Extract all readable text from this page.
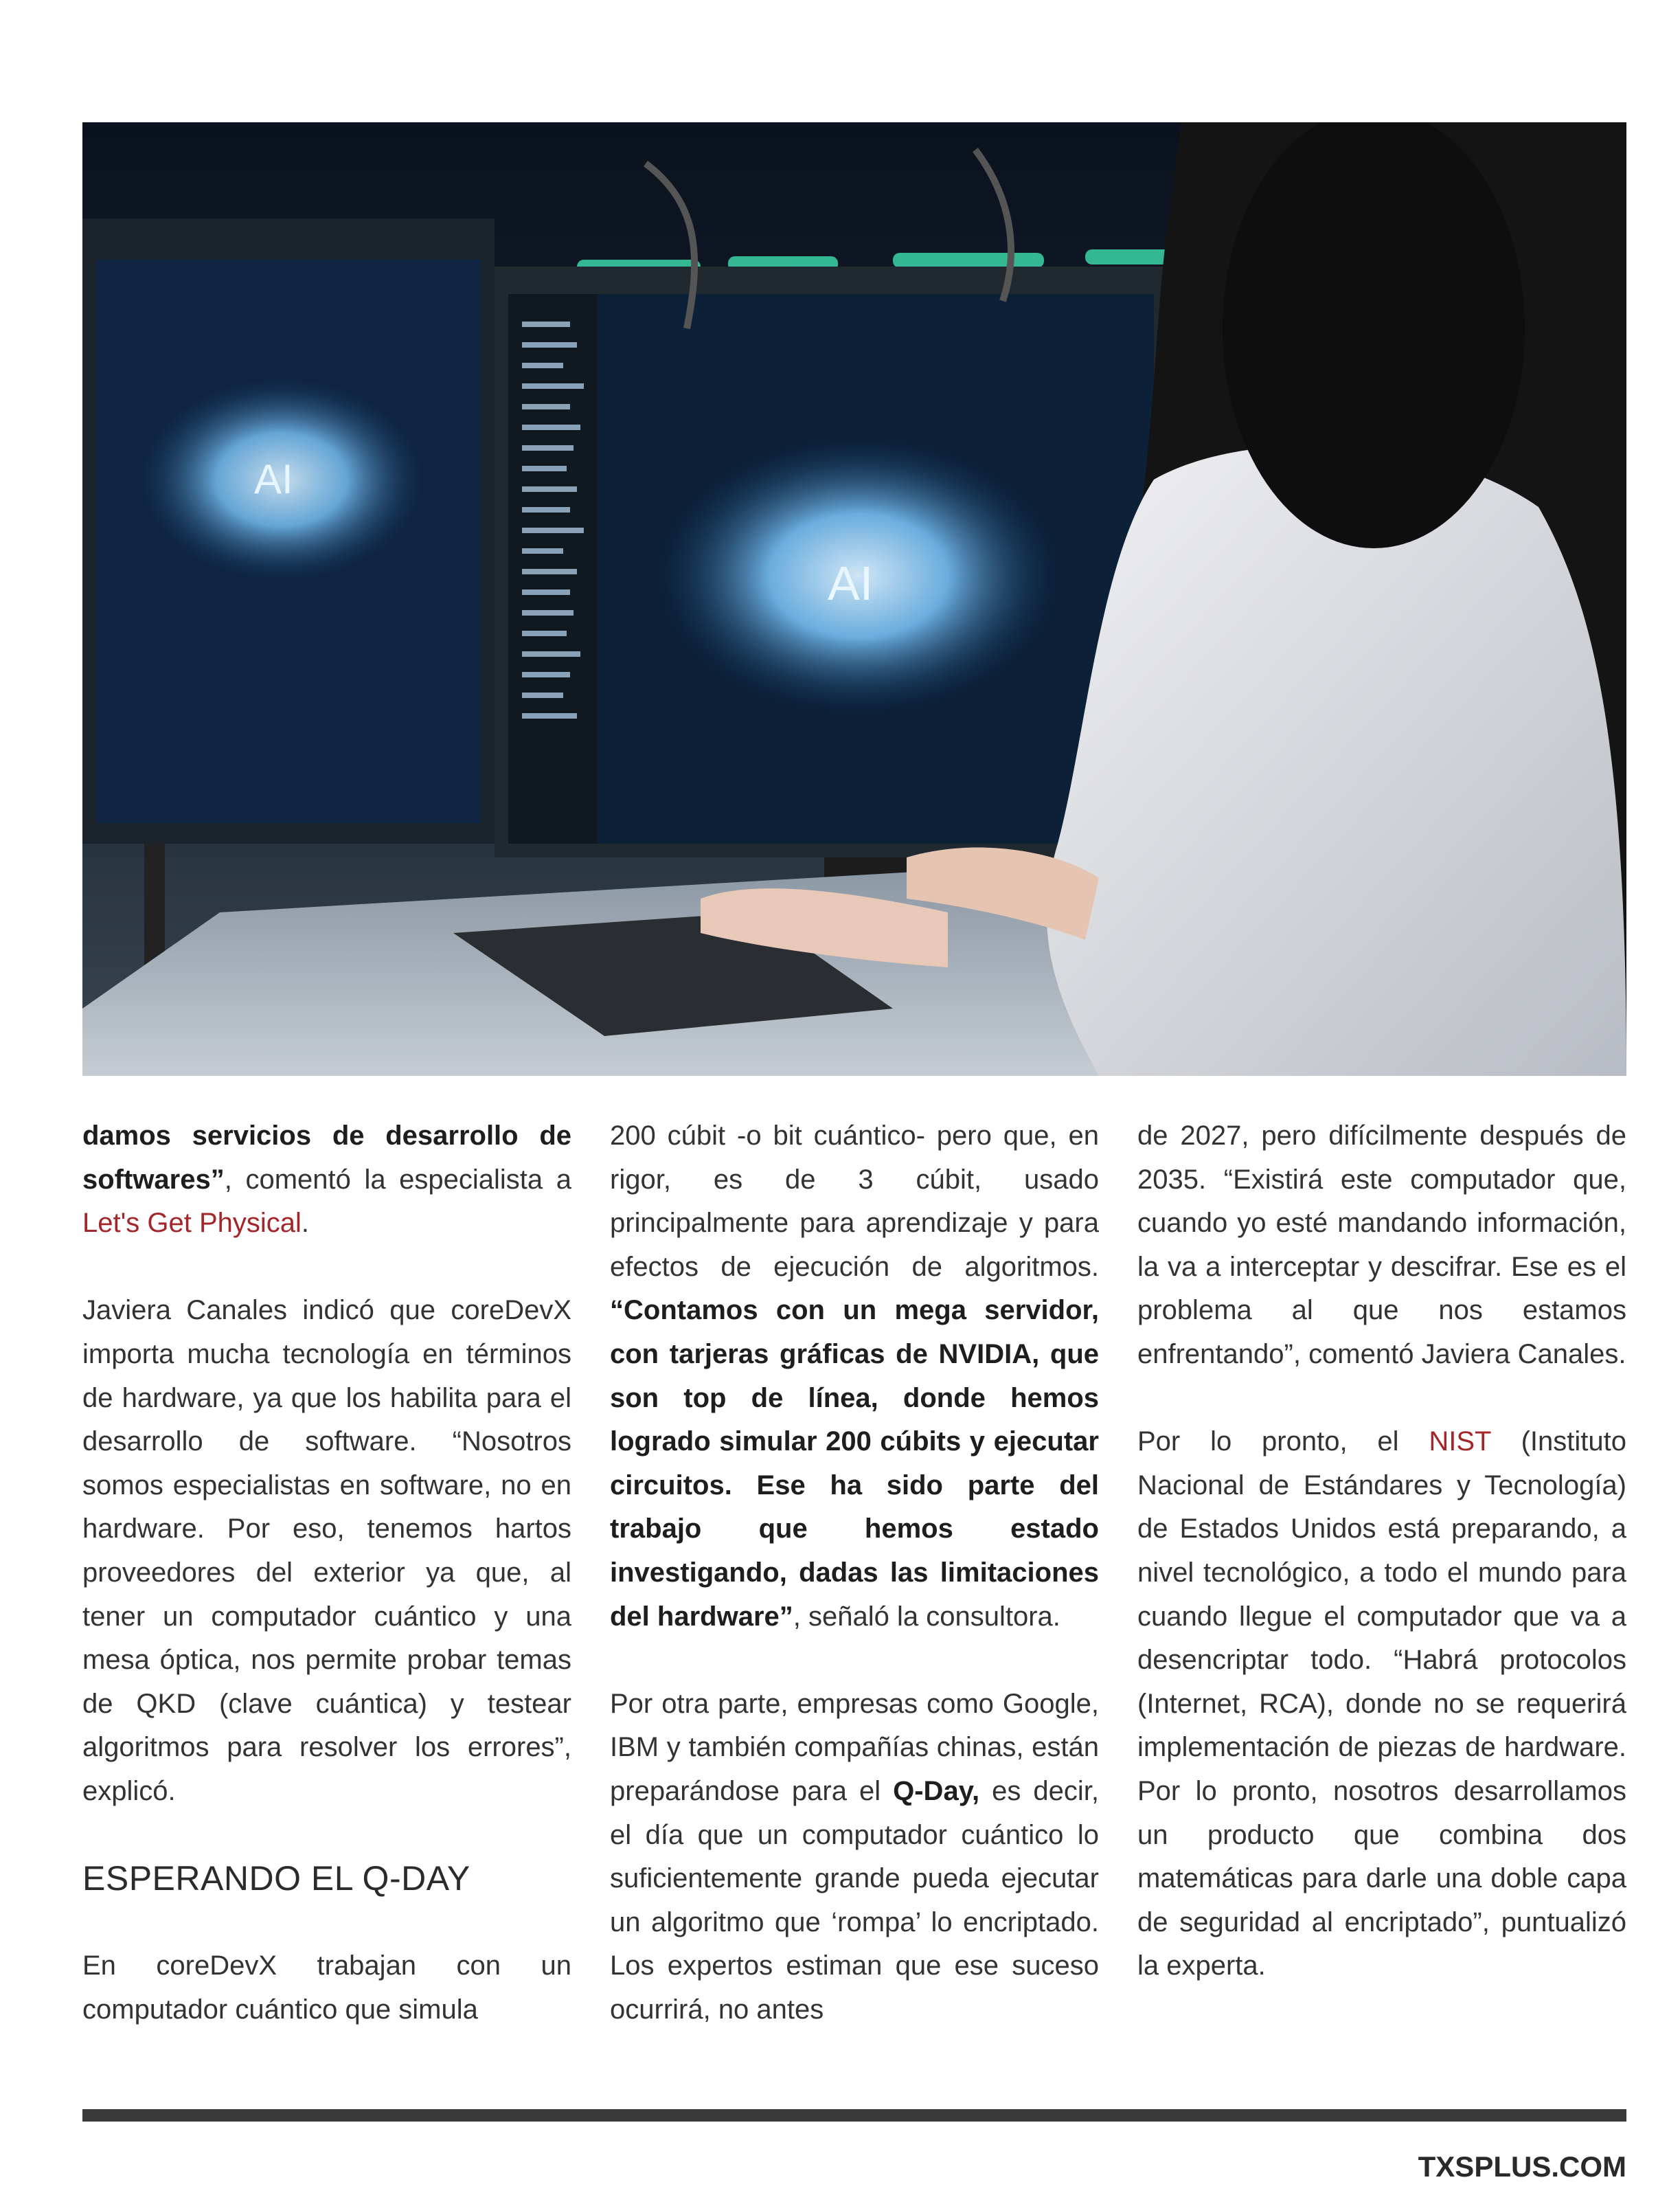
AI
AI

damos servicios de desarrollo de softwares”, comentó la especialista a Let's Get Physical.

Javiera Canales indicó que coreDevX importa mucha tecnología en términos de hardware, ya que los habilita para el desarrollo de software. “Nosotros somos especialistas en software, no en hardware. Por eso, tenemos hartos proveedores del exterior ya que, al tener un computador cuántico y una mesa óptica, nos permite probar temas de QKD (clave cuántica) y testear algoritmos para resolver los errores”, explicó.

ESPERANDO EL Q-DAY

En coreDevX trabajan con un computador cuántico que simula

200 cúbit -o bit cuántico- pero que, en rigor, es de 3 cúbit, usado principalmente para aprendizaje y para efectos de ejecución de algoritmos. “Contamos con un mega servidor, con tarjeras gráficas de NVIDIA, que son top de línea, donde hemos logrado simular 200 cúbits y ejecutar circuitos. Ese ha sido parte del trabajo que hemos estado investigando, dadas las limitaciones del hardware”, señaló la consultora.

Por otra parte, empresas como Google, IBM y también compañías chinas, están preparándose para el Q-Day, es decir, el día que un computador cuántico lo suficientemente grande pueda ejecutar un algoritmo que ‘rompa’ lo encriptado. Los expertos estiman que ese suceso ocurrirá, no antes

de 2027, pero difícilmente después de 2035. “Existirá este computador que, cuando yo esté mandando información, la va a interceptar y descifrar. Ese es el problema al que nos estamos enfrentando”, comentó Javiera Canales.

Por lo pronto, el NIST (Instituto Nacional de Estándares y Tecnología) de Estados Unidos está preparando, a nivel tecnológico, a todo el mundo para cuando llegue el computador que va a desencriptar todo. “Habrá protocolos (Internet, RCA), donde no se requerirá implementación de piezas de hardware. Por lo pronto, nosotros desarrollamos un producto que combina dos matemáticas para darle una doble capa de seguridad al encriptado”, puntualizó la experta.

TXSPLUS.COM
